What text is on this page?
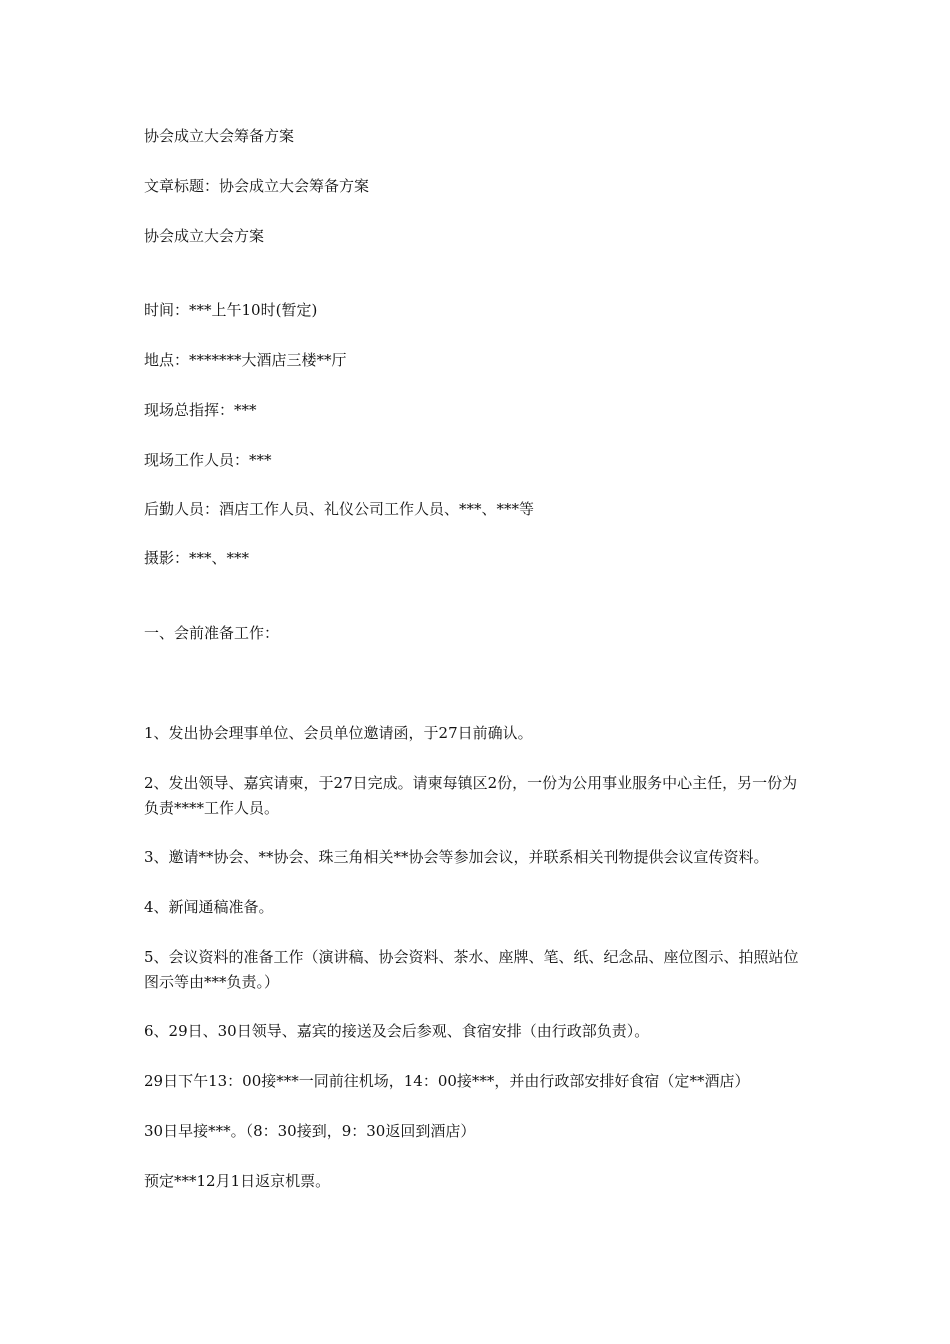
协会成立大会筹备方案
文章标题：协会成立大会筹备方案
协会成立大会方案
时间：***上午10时(暂定)
地点：*******大酒店三楼**厅
现场总指挥：***
现场工作人员：***
后勤人员：酒店工作人员、礼仪公司工作人员、***、***等
摄影：***、***
一、会前准备工作：
1、发出协会理事单位、会员单位邀请函，于27日前确认。
2、发出领导、嘉宾请柬，于27日完成。请柬每镇区2份，一份为公用事业服务中心主任，另一份为负责****工作人员。
3、邀请**协会、**协会、珠三角相关**协会等参加会议，并联系相关刊物提供会议宣传资料。
4、新闻通稿准备。
5、会议资料的准备工作（演讲稿、协会资料、茶水、座牌、笔、纸、纪念品、座位图示、拍照站位图示等由***负责。）
6、29日、30日领导、嘉宾的接送及会后参观、食宿安排（由行政部负责）。
29日下午13：00接***一同前往机场，14：00接***，并由行政部安排好食宿（定**酒店）
30日早接***。（8：30接到，9：30返回到酒店）
预定***12月1日返京机票。
